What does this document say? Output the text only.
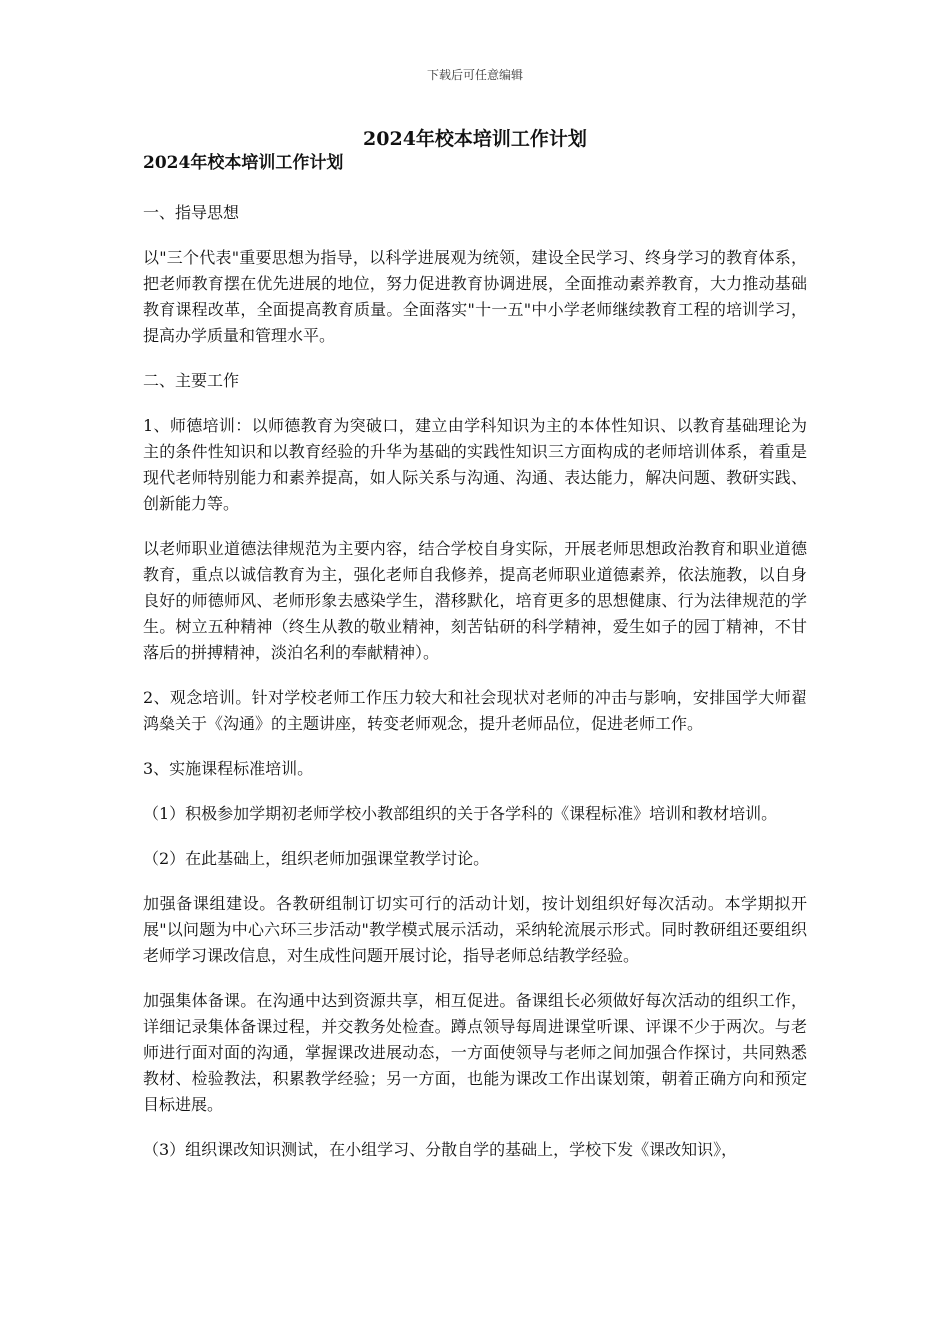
下载后可任意编辑
2024年校本培训工作计划
2024年校本培训工作计划

一、指导思想

以"三个代表"重要思想为指导，以科学进展观为统领，建设全民学习、终身学习的教育体系，把老师教育摆在优先进展的地位，努力促进教育协调进展，全面推动素养教育，大力推动基础教育课程改革，全面提高教育质量。全面落实"十一五"中小学老师继续教育工程的培训学习，提高办学质量和管理水平。

二、主要工作

1、师德培训：以师德教育为突破口，建立由学科知识为主的本体性知识、以教育基础理论为主的条件性知识和以教育经验的升华为基础的实践性知识三方面构成的老师培训体系，着重是现代老师特别能力和素养提高，如人际关系与沟通、沟通、表达能力，解决问题、教研实践、创新能力等。

以老师职业道德法律规范为主要内容，结合学校自身实际，开展老师思想政治教育和职业道德教育，重点以诚信教育为主，强化老师自我修养，提高老师职业道德素养，依法施教，以自身良好的师德师风、老师形象去感染学生，潜移默化，培育更多的思想健康、行为法律规范的学生。树立五种精神（终生从教的敬业精神，刻苦钻研的科学精神，爱生如子的园丁精神，不甘落后的拼搏精神，淡泊名利的奉献精神）。

2、观念培训。针对学校老师工作压力较大和社会现状对老师的冲击与影响，安排国学大师翟鸿燊关于《沟通》的主题讲座，转变老师观念，提升老师品位，促进老师工作。

3、实施课程标准培训。

（1）积极参加学期初老师学校小教部组织的关于各学科的《课程标准》培训和教材培训。

（2）在此基础上，组织老师加强课堂教学讨论。

加强备课组建设。各教研组制订切实可行的活动计划，按计划组织好每次活动。本学期拟开展"以问题为中心六环三步活动"教学模式展示活动，采纳轮流展示形式。同时教研组还要组织老师学习课改信息，对生成性问题开展讨论，指导老师总结教学经验。

加强集体备课。在沟通中达到资源共享，相互促进。备课组长必须做好每次活动的组织工作，详细记录集体备课过程，并交教务处检查。蹲点领导每周进课堂听课、评课不少于两次。与老师进行面对面的沟通，掌握课改进展动态，一方面使领导与老师之间加强合作探讨，共同熟悉教材、检验教法，积累教学经验；另一方面，也能为课改工作出谋划策，朝着正确方向和预定目标进展。

（3）组织课改知识测试，在小组学习、分散自学的基础上，学校下发《课改知识》，
